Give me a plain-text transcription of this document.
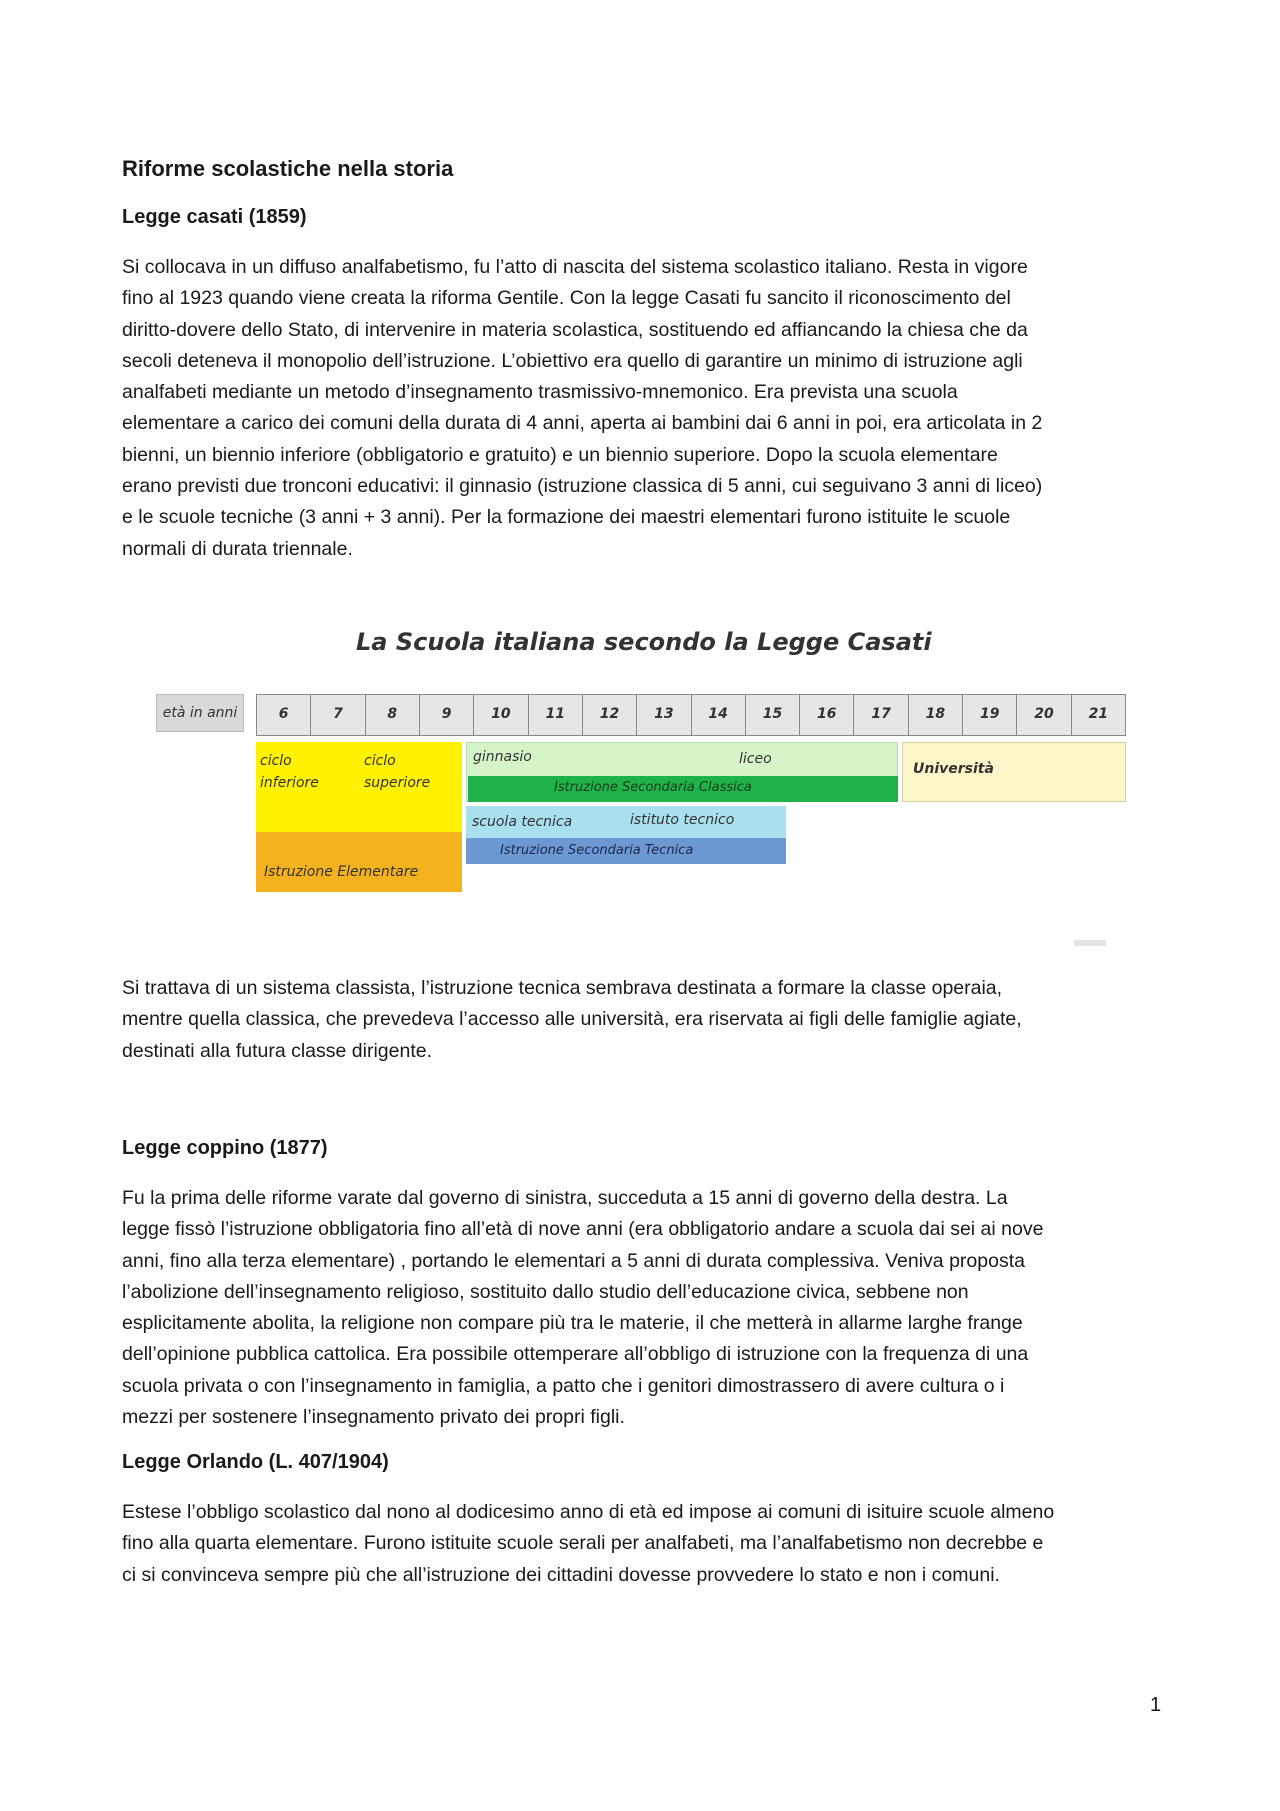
Riforme scolastiche nella storia
Legge casati (1859)
Si collocava in un diffuso analfabetismo, fu l’atto di nascita del sistema scolastico italiano. Resta in vigore
fino al 1923 quando viene creata la riforma Gentile. Con la legge Casati fu sancito il riconoscimento del
diritto-dovere dello Stato, di intervenire in materia scolastica, sostituendo ed affiancando la chiesa che da
secoli deteneva il monopolio dell’istruzione. L’obiettivo era quello di garantire un minimo di istruzione agli
analfabeti mediante un metodo d’insegnamento trasmissivo-mnemonico. Era prevista una scuola
elementare a carico dei comuni della durata di 4 anni, aperta ai bambini dai 6 anni in poi, era articolata in 2
bienni, un biennio inferiore (obbligatorio e gratuito) e un biennio superiore. Dopo la scuola elementare
erano previsti due tronconi educativi: il ginnasio (istruzione classica di 5 anni, cui seguivano 3 anni di liceo)
e le scuole tecniche (3 anni + 3 anni). Per la formazione dei maestri elementari furono istituite le scuole
normali di durata triennale.
Si trattava di un sistema classista, l’istruzione tecnica sembrava destinata a formare la classe operaia,
mentre quella classica, che prevedeva l’accesso alle università, era riservata ai figli delle famiglie agiate,
destinati alla futura classe dirigente.
Legge coppino (1877)
Fu la prima delle riforme varate dal governo di sinistra, succeduta a 15 anni di governo della destra. La
legge fissò l’istruzione obbligatoria fino all’età di nove anni (era obbligatorio andare a scuola dai sei ai nove
anni, fino alla terza elementare) , portando le elementari a 5 anni di durata complessiva. Veniva proposta
l’abolizione dell’insegnamento religioso, sostituito dallo studio dell’educazione civica, sebbene non
esplicitamente abolita, la religione non compare più tra le materie, il che metterà in allarme larghe frange
dell’opinione pubblica cattolica. Era possibile ottemperare all’obbligo di istruzione con la frequenza di una
scuola privata o con l’insegnamento in famiglia, a patto che i genitori dimostrassero di avere cultura o i
mezzi per sostenere l’insegnamento privato dei propri figli.
Legge Orlando (L. 407/1904)
Estese l’obbligo scolastico dal nono al dodicesimo anno di età ed impose ai comuni di isituire scuole almeno
fino alla quarta elementare. Furono istituite scuole serali per analfabeti, ma l’analfabetismo non decrebbe e
ci si convinceva sempre più che all’istruzione dei cittadini dovesse provvedere lo stato e non i comuni.
La Scuola italiana secondo la Legge Casati
età in anni	6	7	8	9	10	11	12	13	14	15	16	17	18	19	20	21
Istruzione Elementare
ciclo inferiore
ciclo superiore
ginnasio	liceo
Istruzione Secondaria Classica
Università
scuola tecnica	istituto tecnico
Istruzione Secondaria Tecnica
1
